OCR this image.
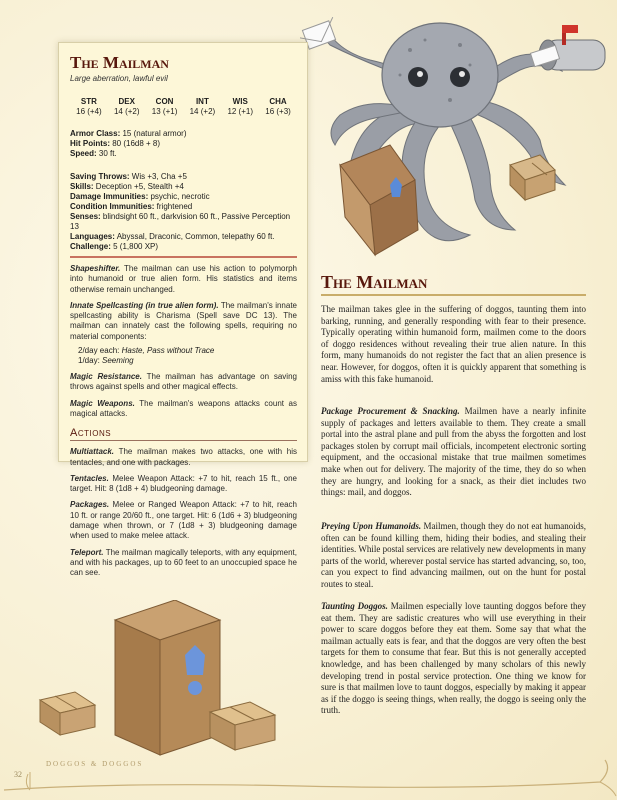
The Mailman
Large aberration, lawful evil
STR
16 (+4)
DEX
14 (+2)
CON
13 (+1)
INT
14 (+2)
WIS
12 (+1)
CHA
16 (+3)
Armor Class: 15 (natural armor)
Hit Points: 80 (16d8 + 8)
Speed: 30 ft.
Saving Throws: Wis +3, Cha +5
Skills: Deception +5, Stealth +4
Damage Immunities: psychic, necrotic
Condition Immunities: frightened
Senses: blindsight 60 ft., darkvision 60 ft., Passive Perception 13
Languages: Abyssal, Draconic, Common, telepathy 60 ft.
Challenge: 5 (1,800 XP)
Shapeshifter. The mailman can use his action to polymorph into humanoid or true alien form. His statistics and items otherwise remain unchanged.
Innate Spellcasting (in true alien form). The mailman's innate spellcasting ability is Charisma (Spell save DC 13). The mailman can innately cast the following spells, requiring no material components:
2/day each: Haste, Pass without Trace
1/day: Seeming
Magic Resistance. The mailman has advantage on saving throws against spells and other magical effects.
Magic Weapons. The mailman's weapons attacks count as magical attacks.
Actions
Multiattack. The mailman makes two attacks, one with his tentacles, and one with packages.
Tentacles. Melee Weapon Attack: +7 to hit, reach 15 ft., one target. Hit: 8 (1d8 + 4) bludgeoning damage.
Packages. Melee or Ranged Weapon Attack: +7 to hit, reach 10 ft. or range 20/60 ft., one target. Hit: 6 (1d6 + 3) bludgeoning damage when thrown, or 7 (1d8 + 3) bludgeoning damage when used to make melee attack.
Teleport. The mailman magically teleports, with any equipment, and with his packages, up to 60 feet to an unoccupied space he can see.
The Mailman

The mailman takes glee in the suffering of doggos, taunting them into barking, running, and generally responding with fear to their presence. Typically operating within humanoid form, mailmen come to the doors of doggo residences without revealing their true alien nature. In this form, many humanoids do not register the fact that an alien presence is near. However, for doggos, often it is quickly apparent that something is amiss with this fake humanoid.

Package Procurement & Snacking. Mailmen have a nearly infinite supply of packages and letters available to them. They create a small portal into the astral plane and pull from the abyss the forgotten and lost packages stolen by corrupt mail officials, incompetent electronic sorting equipment, and the occasional mistake that true mailmen sometimes make when out for delivery. The majority of the time, they do so when they are hungry, and looking for a snack, as their diet includes two things: mail, and doggos.

Preying Upon Humanoids. Mailmen, though they do not eat humanoids, often can be found killing them, hiding their bodies, and stealing their identities. While postal services are relatively new developments in many parts of the world, wherever postal service has started advancing, so, too, can you expect to find advancing mailmen, out on the hunt for postal routes to steal.

Taunting Doggos. Mailmen especially love taunting doggos before they eat them. They are sadistic creatures who will use everything in their power to scare doggos before they eat them. Some say that what the mailman actually eats is fear, and that the doggos are very often the best targets for them to consume that fear. But this is not generally accepted knowledge, and has been challenged by many scholars of this newly developing trend in postal service protection. One thing we know for sure is that mailmen love to taunt doggos, especially by making it appear as if the doggo is seeing things, when really, the doggo is seeing only the truth.

DOGGOS & DOGGOS
32
